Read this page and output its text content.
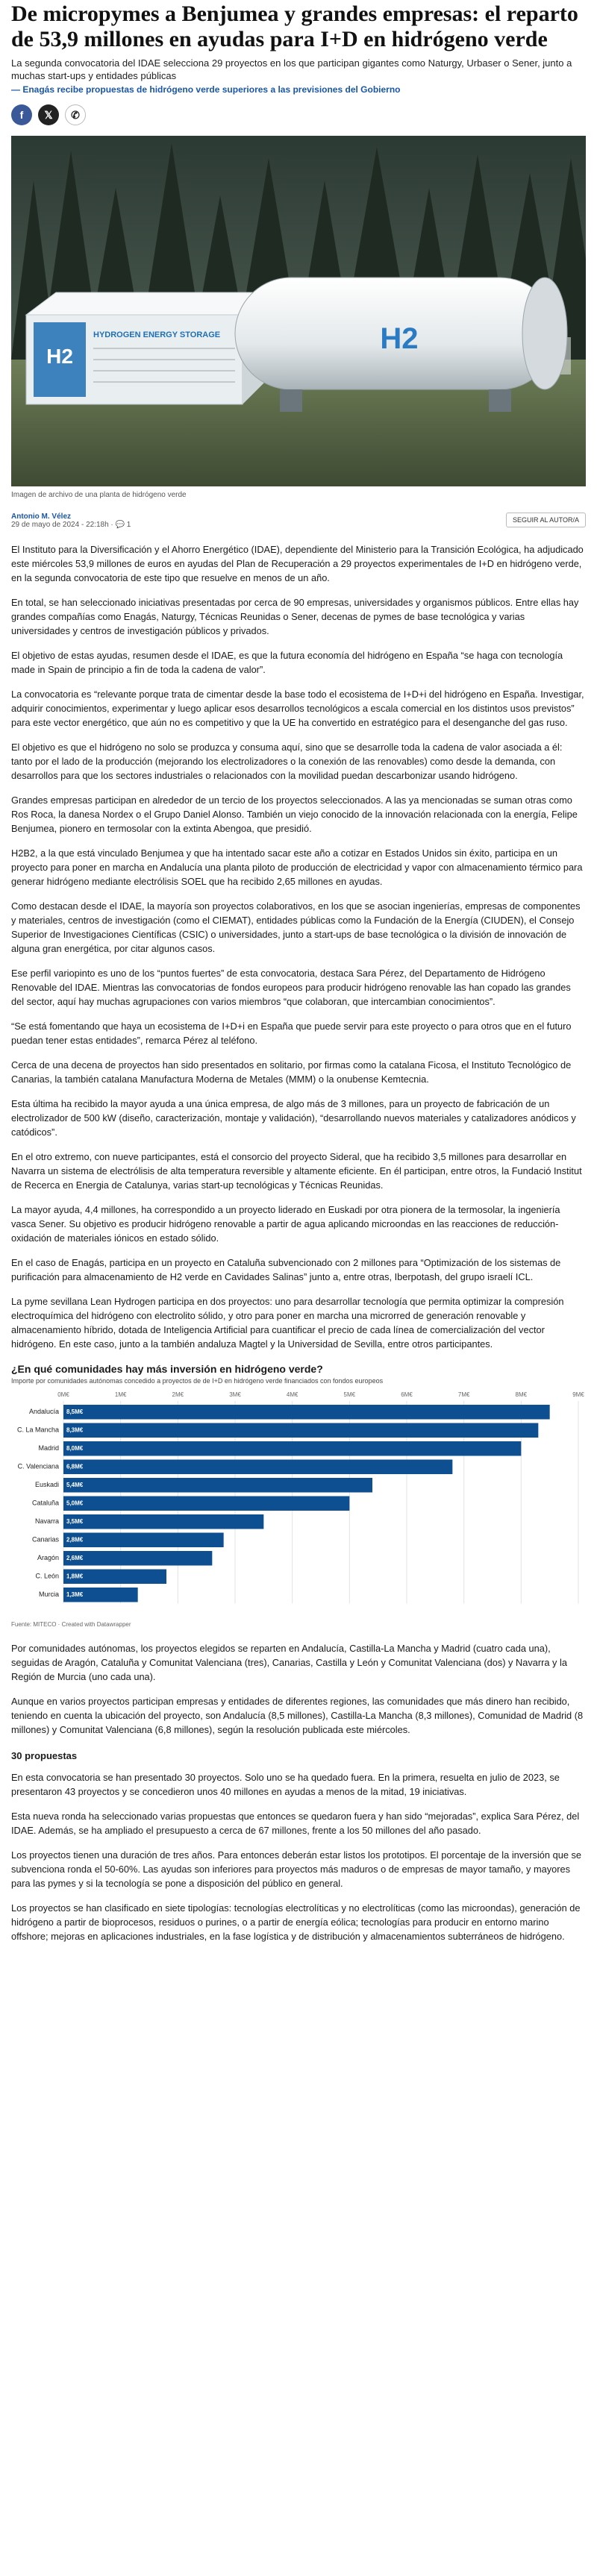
De micropymes a Benjumea y grandes empresas: el reparto de 53,9 millones en ayudas para I+D en hidrógeno verde
La segunda convocatoria del IDAE selecciona 29 proyectos en los que participan gigantes como Naturgy, Urbaser o Sener, junto a muchas start-ups y entidades públicas
— Enagás recibe propuestas de hidrógeno verde superiores a las previsiones del Gobierno
f	𝕏	✆
H2
HYDROGEN ENERGY STORAGE	H2
Imagen de archivo de una planta de hidrógeno verde
Antonio M. Vélez
29 de mayo de 2024 - 22:18h · 💬 1
SEGUIR AL AUTOR/A

El Instituto para la Diversificación y el Ahorro Energético (IDAE), dependiente del Ministerio para la Transición Ecológica, ha adjudicado este miércoles 53,9 millones de euros en ayudas del Plan de Recuperación a 29 proyectos experimentales de I+D en hidrógeno verde, en la segunda convocatoria de este tipo que resuelve en menos de un año.

En total, se han seleccionado iniciativas presentadas por cerca de 90 empresas, universidades y organismos públicos. Entre ellas hay grandes compañías como Enagás, Naturgy, Técnicas Reunidas o Sener, decenas de pymes de base tecnológica y varias universidades y centros de investigación públicos y privados.

El objetivo de estas ayudas, resumen desde el IDAE, es que la futura economía del hidrógeno en España “se haga con tecnología made in Spain de principio a fin de toda la cadena de valor”.

La convocatoria es “relevante porque trata de cimentar desde la base todo el ecosistema de I+D+i del hidrógeno en España. Investigar, adquirir conocimientos, experimentar y luego aplicar esos desarrollos tecnológicos a escala comercial en los distintos usos previstos” para este vector energético, que aún no es competitivo y que la UE ha convertido en estratégico para el desenganche del gas ruso.

El objetivo es que el hidrógeno no solo se produzca y consuma aquí, sino que se desarrolle toda la cadena de valor asociada a él: tanto por el lado de la producción (mejorando los electrolizadores o la conexión de las renovables) como desde la demanda, con desarrollos para que los sectores industriales o relacionados con la movilidad puedan descarbonizar usando hidrógeno.

Grandes empresas participan en alrededor de un tercio de los proyectos seleccionados. A las ya mencionadas se suman otras como Ros Roca, la danesa Nordex o el Grupo Daniel Alonso. También un viejo conocido de la innovación relacionada con la energía, Felipe Benjumea, pionero en termosolar con la extinta Abengoa, que presidió.

H2B2, a la que está vinculado Benjumea y que ha intentado sacar este año a cotizar en Estados Unidos sin éxito, participa en un proyecto para poner en marcha en Andalucía una planta piloto de producción de electricidad y vapor con almacenamiento térmico para generar hidrógeno mediante electrólisis SOEL que ha recibido 2,65 millones en ayudas.

Como destacan desde el IDAE, la mayoría son proyectos colaborativos, en los que se asocian ingenierías, empresas de componentes y materiales, centros de investigación (como el CIEMAT), entidades públicas como la Fundación de la Energía (CIUDEN), el Consejo Superior de Investigaciones Científicas (CSIC) o universidades, junto a start-ups de base tecnológica o la división de innovación de alguna gran energética, por citar algunos casos.

Ese perfil variopinto es uno de los “puntos fuertes” de esta convocatoria, destaca Sara Pérez, del Departamento de Hidrógeno Renovable del IDAE. Mientras las convocatorias de fondos europeos para producir hidrógeno renovable las han copado las grandes del sector, aquí hay muchas agrupaciones con varios miembros “que colaboran, que intercambian conocimientos”.

“Se está fomentando que haya un ecosistema de I+D+i en España que puede servir para este proyecto o para otros que en el futuro puedan tener estas entidades”, remarca Pérez al teléfono.

Cerca de una decena de proyectos han sido presentados en solitario, por firmas como la catalana Ficosa, el Instituto Tecnológico de Canarias, la también catalana Manufactura Moderna de Metales (MMM) o la onubense Kemtecnia.

Esta última ha recibido la mayor ayuda a una única empresa, de algo más de 3 millones, para un proyecto de fabricación de un electrolizador de 500 kW (diseño, caracterización, montaje y validación), “desarrollando nuevos materiales y catalizadores anódicos y catódicos”.

En el otro extremo, con nueve participantes, está el consorcio del proyecto Sideral, que ha recibido 3,5 millones para desarrollar en Navarra un sistema de electrólisis de alta temperatura reversible y altamente eficiente. En él participan, entre otros, la Fundació Institut de Recerca en Energia de Catalunya, varias start-up tecnológicas y Técnicas Reunidas.

La mayor ayuda, 4,4 millones, ha correspondido a un proyecto liderado en Euskadi por otra pionera de la termosolar, la ingeniería vasca Sener. Su objetivo es producir hidrógeno renovable a partir de agua aplicando microondas en las reacciones de reducción-oxidación de materiales iónicos en estado sólido.

En el caso de Enagás, participa en un proyecto en Cataluña subvencionado con 2 millones para “Optimización de los sistemas de purificación para almacenamiento de H2 verde en Cavidades Salinas” junto a, entre otras, Iberpotash, del grupo israelí ICL.

La pyme sevillana Lean Hydrogen participa en dos proyectos: uno para desarrollar tecnología que permita optimizar la compresión electroquímica del hidrógeno con electrolito sólido, y otro para poner en marcha una microrred de generación renovable y almacenamiento híbrido, dotada de Inteligencia Artificial para cuantificar el precio de cada línea de comercialización del vector hidrógeno. En este caso, junto a la también andaluza Magtel y la Universidad de Sevilla, entre otros participantes.

¿En qué comunidades hay más inversión en hidrógeno verde?
Importe por comunidades autónomas concedido a proyectos de de I+D en hidrógeno verde financiados con fondos europeos
0M€	1M€	2M€	3M€	4M€	5M€	6M€	7M€	8M€	9M€
Andalucía 8,5M€
C. La Mancha 8,3M€
Madrid 8,0M€
C. Valenciana 6,8M€
Euskadi 5,4M€
Cataluña 5,0M€
Navarra 3,5M€
Canarias 2,8M€
Aragón 2,6M€
C. León 1,8M€
Murcia 1,3M€
Fuente: MITECO · Created with Datawrapper

Por comunidades autónomas, los proyectos elegidos se reparten en Andalucía, Castilla-La Mancha y Madrid (cuatro cada una), seguidas de Aragón, Cataluña y Comunitat Valenciana (tres), Canarias, Castilla y León y Comunitat Valenciana (dos) y Navarra y la Región de Murcia (uno cada una).

Aunque en varios proyectos participan empresas y entidades de diferentes regiones, las comunidades que más dinero han recibido, teniendo en cuenta la ubicación del proyecto, son Andalucía (8,5 millones), Castilla-La Mancha (8,3 millones), Comunidad de Madrid (8 millones) y Comunitat Valenciana (6,8 millones), según la resolución publicada este miércoles.

30 propuestas

En esta convocatoria se han presentado 30 proyectos. Solo uno se ha quedado fuera. En la primera, resuelta en julio de 2023, se presentaron 43 proyectos y se concedieron unos 40 millones en ayudas a menos de la mitad, 19 iniciativas.

Esta nueva ronda ha seleccionado varias propuestas que entonces se quedaron fuera y han sido “mejoradas”, explica Sara Pérez, del IDAE. Además, se ha ampliado el presupuesto a cerca de 67 millones, frente a los 50 millones del año pasado.

Los proyectos tienen una duración de tres años. Para entonces deberán estar listos los prototipos. El porcentaje de la inversión que se subvenciona ronda el 50-60%. Las ayudas son inferiores para proyectos más maduros o de empresas de mayor tamaño, y mayores para las pymes y si la tecnología se pone a disposición del público en general.

Los proyectos se han clasificado en siete tipologías: tecnologías electrolíticas y no electrolíticas (como las microondas), generación de hidrógeno a partir de bioprocesos, residuos o purines, o a partir de energía eólica; tecnologías para producir en entorno marino offshore; mejoras en aplicaciones industriales, en la fase logística y de distribución y almacenamientos subterráneos de hidrógeno.
